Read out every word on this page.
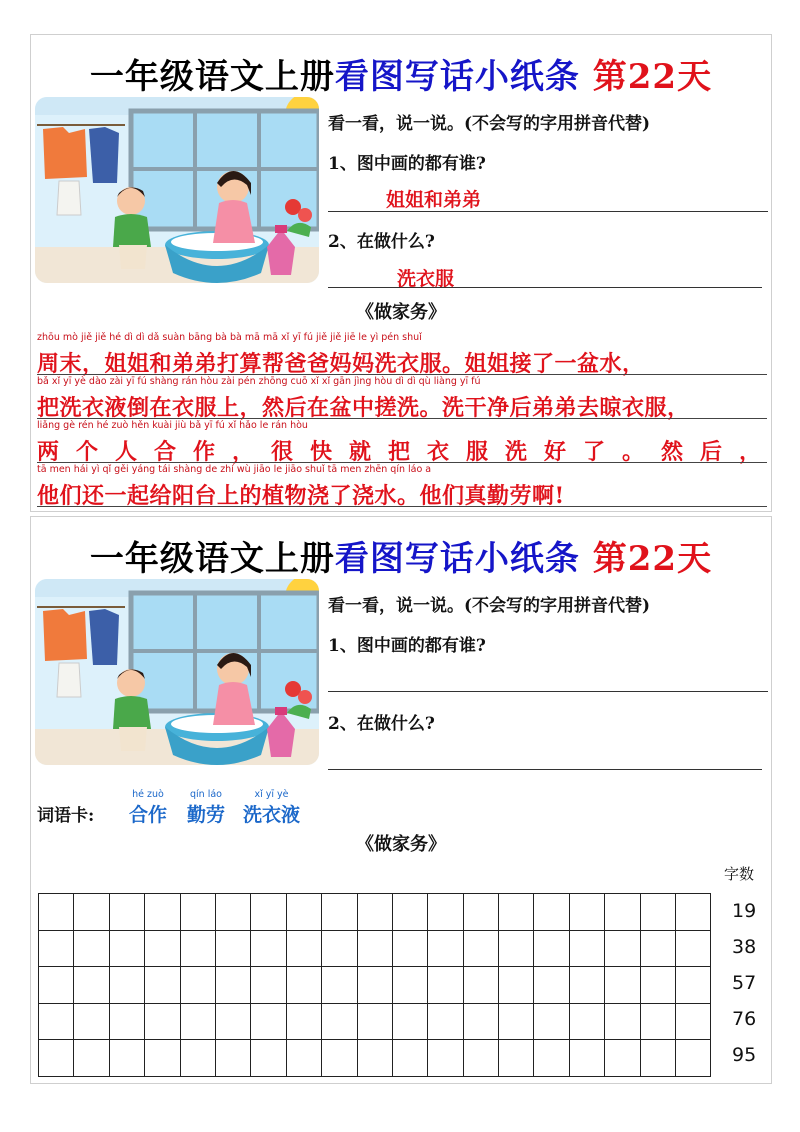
一年级语文上册看图写话小纸条 第22天
看一看，说一说。(不会写的字用拼音代替)
1、图中画的都有谁?
姐姐和弟弟
2、在做什么?
洗衣服
《做家务》
zhōu mò jiě jiě hé dì dì dǎ suàn bāng bà bà mā mā xǐ yī fú jiě jiě jiē le yì pén shuǐ
周末，姐姐和弟弟打算帮爸爸妈妈洗衣服。姐姐接了一盆水，
bǎ xǐ yī yè dào zài yī fú shàng rán hòu zài pén zhōng cuō xǐ xǐ gān jìng hòu dì dì qù liàng yī fú
把洗衣液倒在衣服上，然后在盆中搓洗。洗干净后弟弟去晾衣服，
liǎng gè rén hé zuò hěn kuài jiù bǎ yī fú xǐ hǎo le rán hòu
两个人合作，很快就把衣服洗好了。然后，
tā men hái yì qǐ gěi yáng tái shàng de zhí wù jiāo le jiāo shuǐ tā men zhēn qín láo a
他们还一起给阳台上的植物浇了浇水。他们真勤劳啊!
一年级语文上册看图写话小纸条 第22天
看一看，说一说。(不会写的字用拼音代替)
1、图中画的都有谁?
2、在做什么?
词语卡:
hé zuò
合作
qín láo
勤劳
xǐ yī yè
洗衣液
《做家务》
字数

19
38
57
76
95
